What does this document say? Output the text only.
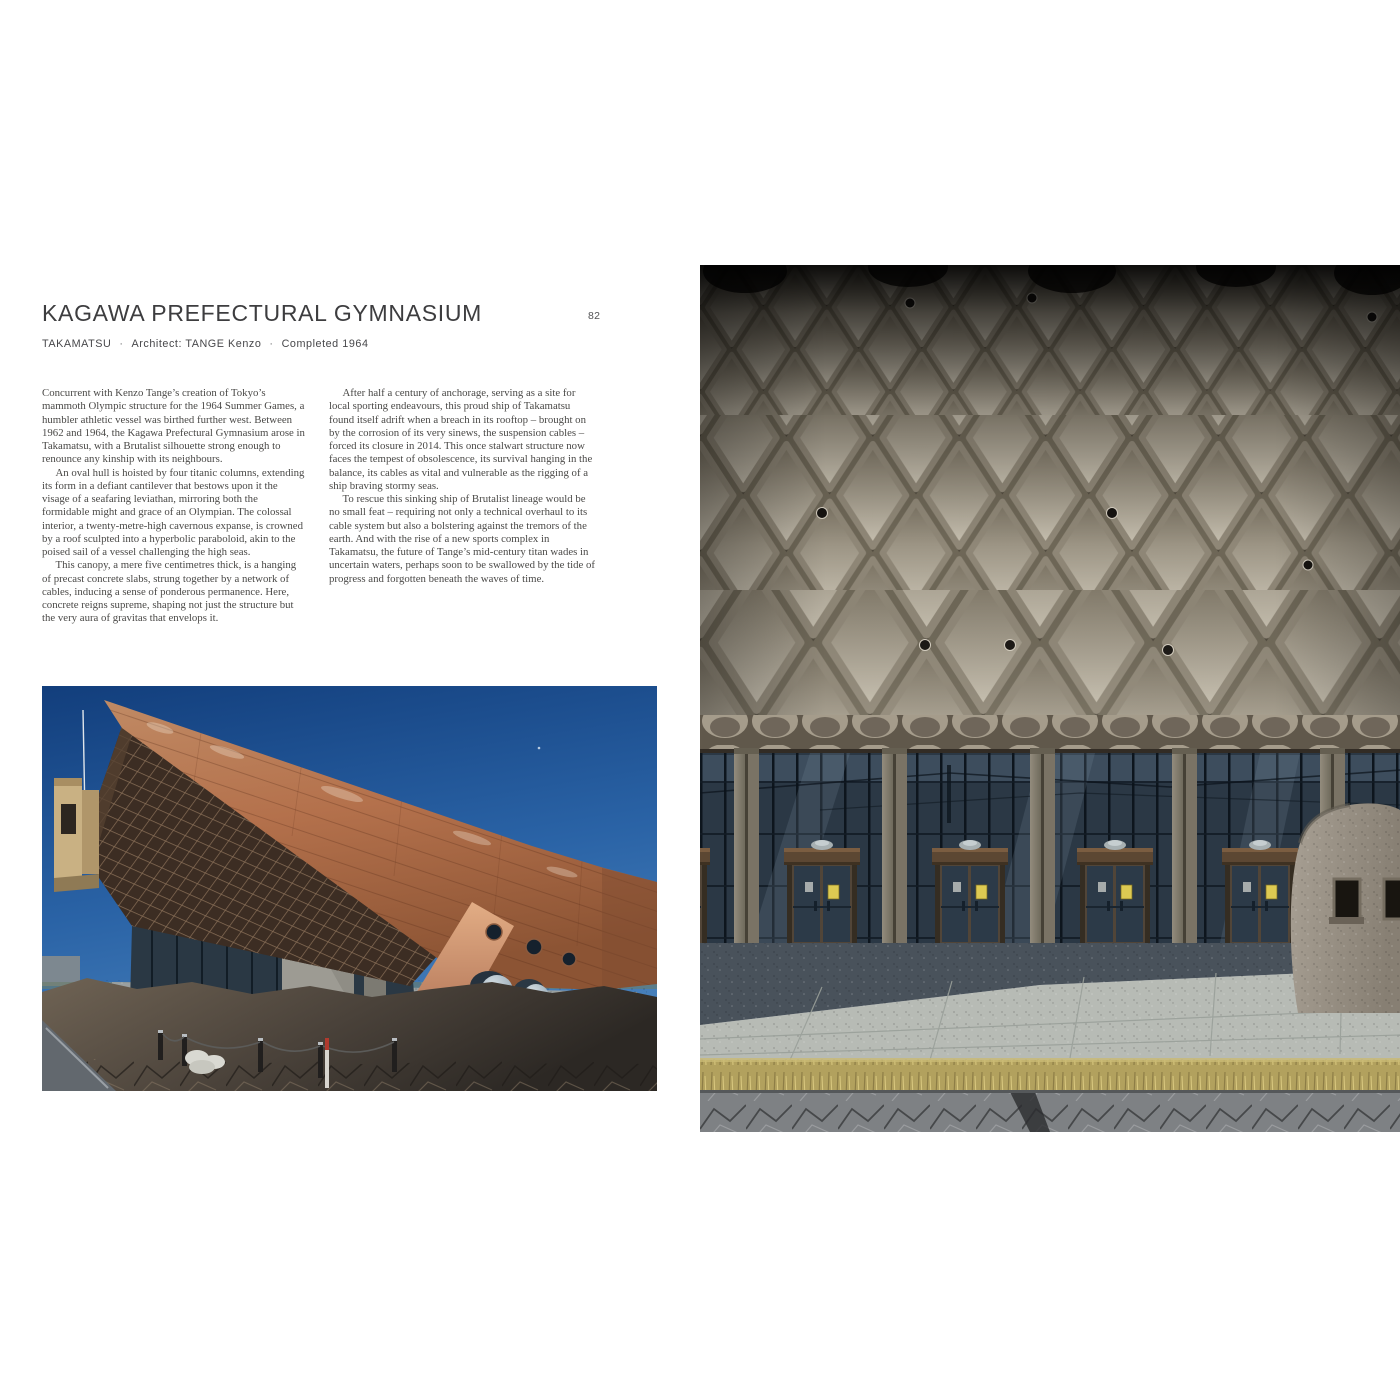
KAGAWA PREFECTURAL GYMNASIUM	82

TAKAMATSU · Architect: TANGE Kenzo · Completed 1964

Concurrent with Kenzo Tange’s creation of Tokyo’s mammoth Olympic structure for the 1964 Summer Games, a humbler athletic vessel was birthed further west. Between 1962 and 1964, the Kagawa Prefectural Gymnasium arose in Takamatsu, with a Brutalist silhouette strong enough to renounce any kinship with its neighbours.

An oval hull is hoisted by four titanic columns, extending its form in a defiant cantilever that bestows upon it the visage of a seafaring leviathan, mirroring both the formidable might and grace of an Olympian. The colossal interior, a twenty-metre-high cavernous expanse, is crowned by a roof sculpted into a hyperbolic paraboloid, akin to the poised sail of a vessel challenging the high seas.

This canopy, a mere five centimetres thick, is a hanging of precast concrete slabs, strung together by a network of cables, inducing a sense of ponderous permanence. Here, concrete reigns supreme, shaping not just the structure but the very aura of gravitas that envelops it.

After half a century of anchorage, serving as a site for local sporting endeavours, this proud ship of Takamatsu found itself adrift when a breach in its rooftop – brought on by the corrosion of its very sinews, the suspension cables – forced its closure in 2014. This once stalwart structure now faces the tempest of obsolescence, its survival hanging in the balance, its cables as vital and vulnerable as the rigging of a ship braving stormy seas.

To rescue this sinking ship of Brutalist lineage would be no small feat – requiring not only a technical overhaul to its cable system but also a bolstering against the tremors of the earth. And with the rise of a new sports complex in Takamatsu, the future of Tange’s mid-century titan wades in uncertain waters, perhaps soon to be swallowed by the tide of progress and forgotten beneath the waves of time.
